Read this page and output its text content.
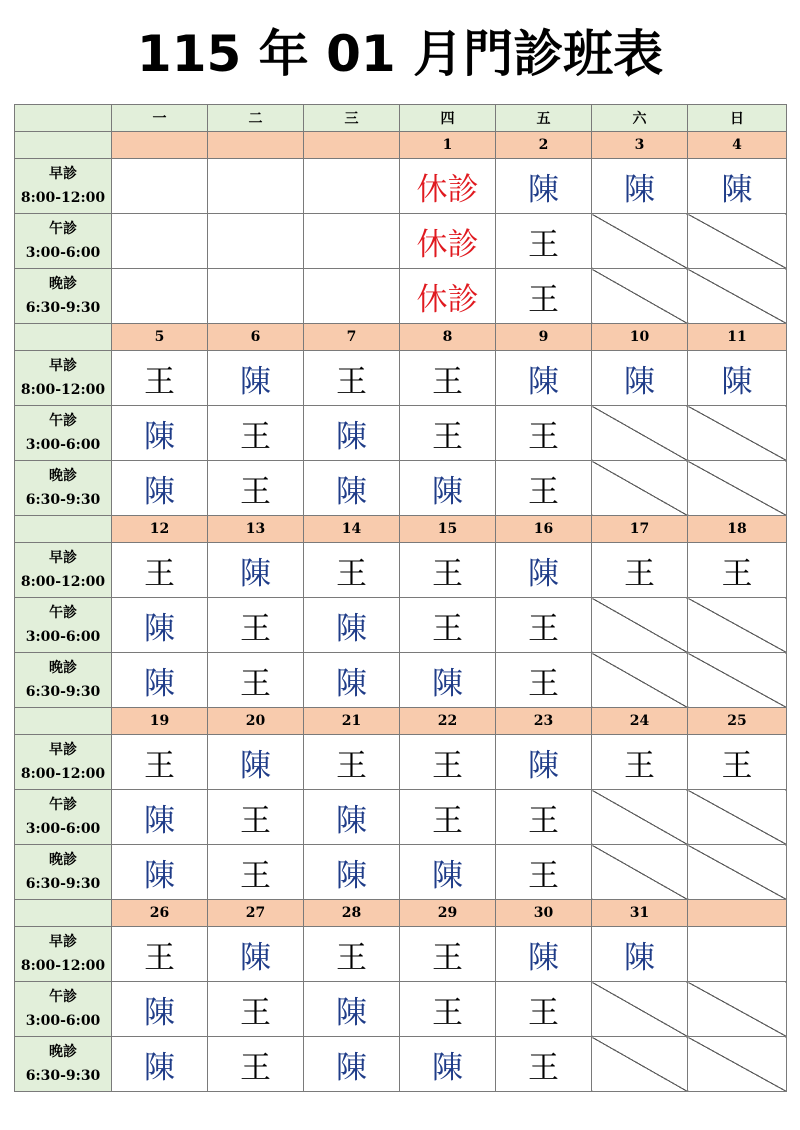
115 年 01 月門診班表
	一	二	三	四	五	六	日
				1	2	3	4

早診
8:00-12:00				休診	陳	陳	陳

午診
3:00-6:00				休診	王		

晚診
6:30-9:30				休診	王		
	5	6	7	8	9	10	11

早診
8:00-12:00	王	陳	王	王	陳	陳	陳

午診
3:00-6:00	陳	王	陳	王	王		

晚診
6:30-9:30	陳	王	陳	陳	王		
	12	13	14	15	16	17	18

早診
8:00-12:00	王	陳	王	王	陳	王	王

午診
3:00-6:00	陳	王	陳	王	王		

晚診
6:30-9:30	陳	王	陳	陳	王		
	19	20	21	22	23	24	25

早診
8:00-12:00	王	陳	王	王	陳	王	王

午診
3:00-6:00	陳	王	陳	王	王		

晚診
6:30-9:30	陳	王	陳	陳	王		
	26	27	28	29	30	31	

早診
8:00-12:00	王	陳	王	王	陳	陳	

午診
3:00-6:00	陳	王	陳	王	王		

晚診
6:30-9:30	陳	王	陳	陳	王		
